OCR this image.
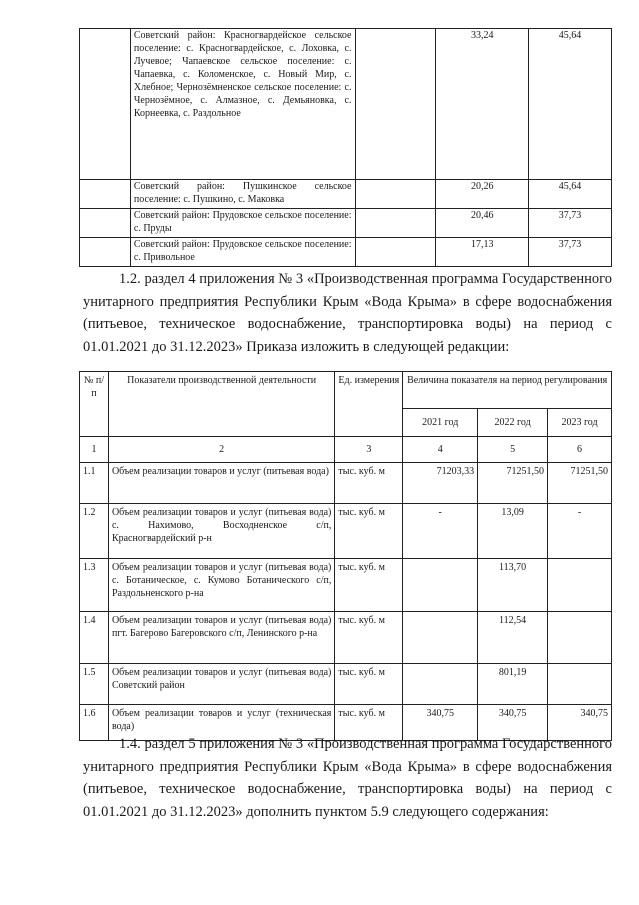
	Советский район: Красногвардейское сельское поселение: с. Красногвардейское, с. Лоховка, с. Лучевое; Чапаевское сельское поселение: с. Чапаевка, с. Коломенское, с. Новый Мир, с. Хлебное; Чернозёмненское сельское поселение: с. Чернозёмное, с. Алмазное, с. Демьяновка, с. Корнеевка, с. Раздольное		33,24	45,64
	Советский район: Пушкинское сельское поселение: с. Пушкино, с. Маковка		20,26	45,64
	Советский район: Прудовское сельское поселение: с. Пруды		20,46	37,73
	Советский район: Прудовское сельское поселение: с. Привольное		17,13	37,73
1.2. раздел 4 приложения № 3 «Производственная программа Государственного унитарного предприятия Республики Крым «Вода Крыма» в сфере водоснабжения (питьевое, техническое водоснабжение, транспортировка воды) на период с 01.01.2021 до 31.12.2023» Приказа изложить в следующей редакции:
№ п/п	Показатели производственной деятельности	Ед. измерения	Величина показателя на период регулирования		
			2021 год	2022 год	2023 год
1	2	3	4	5	6
1.1	Объем реализации товаров и услуг (питьевая вода)	тыс. куб. м	71203,33	71251,50	71251,50
1.2	Объем реализации товаров и услуг (питьевая вода) с. Нахимово, Восходненское с/п, Красногвардейский р-н	тыс. куб. м	-	13,09	-
1.3	Объем реализации товаров и услуг (питьевая вода) с. Ботаническое, с. Кумово Ботанического с/п, Раздольненского р-на	тыс. куб. м		113,70	
1.4	Объем реализации товаров и услуг (питьевая вода) пгт. Багерово Багеровского с/п, Ленинского р-на	тыс. куб. м		112,54	
1.5	Объем реализации товаров и услуг (питьевая вода) Советский район	тыс. куб. м		801,19	
1.6	Объем реализации товаров и услуг (техническая вода)	тыс. куб. м	340,75	340,75	340,75
1.4. раздел 5 приложения № 3 «Производственная программа Государственного унитарного предприятия Республики Крым «Вода Крыма» в сфере водоснабжения (питьевое, техническое водоснабжение, транспортировка воды) на период с 01.01.2021 до 31.12.2023» дополнить пунктом 5.9 следующего содержания:
